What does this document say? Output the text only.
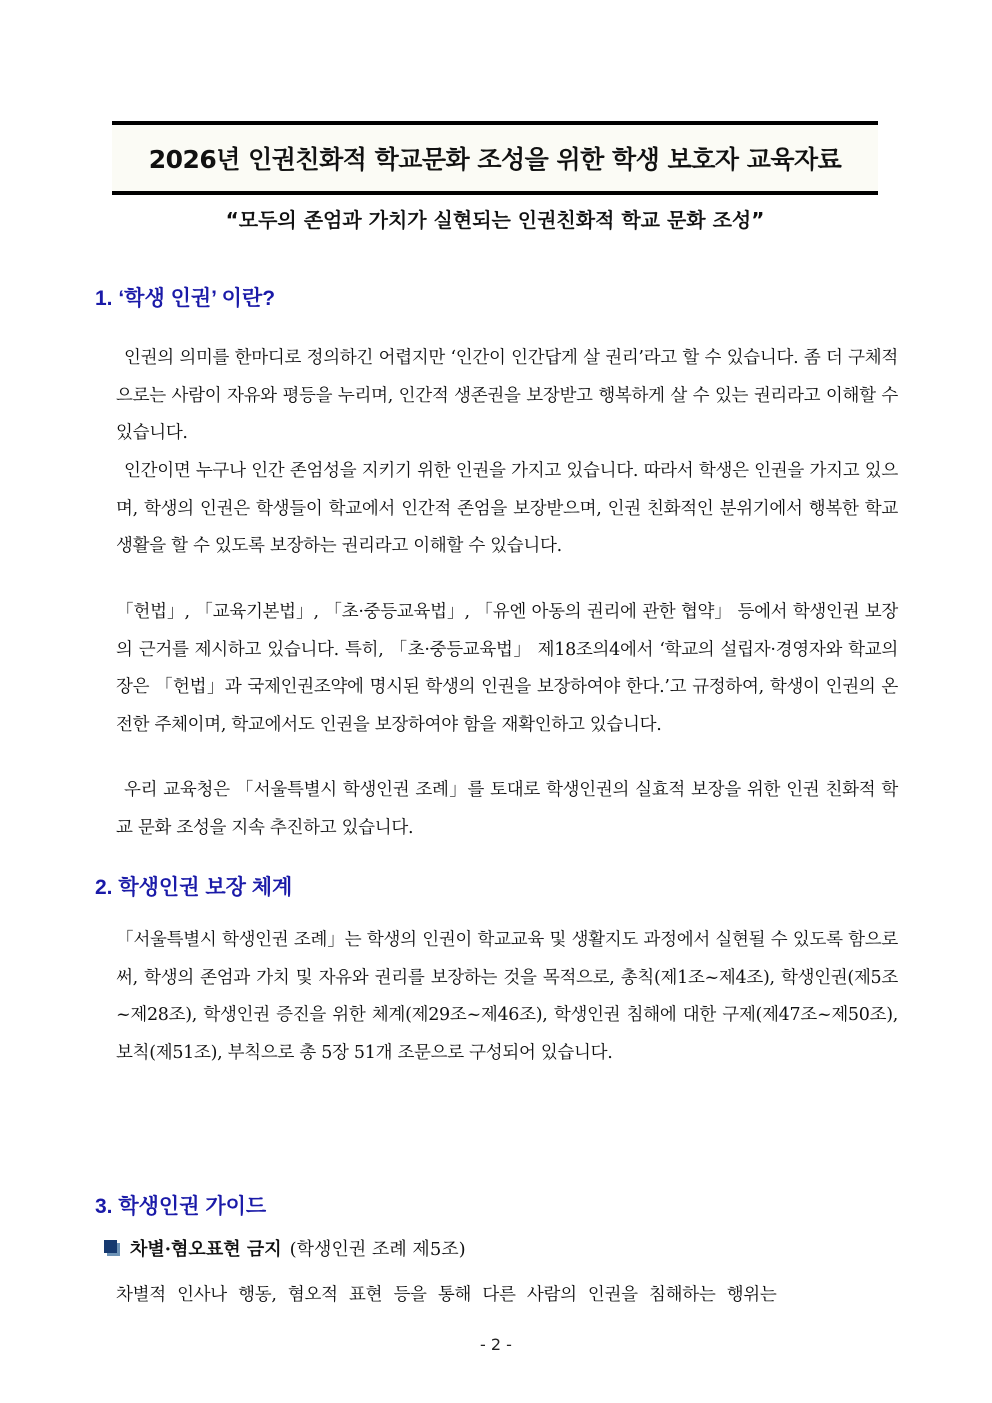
2026년 인권친화적 학교문화 조성을 위한 학생 보호자 교육자료
“모두의 존엄과 가치가 실현되는 인권친화적 학교 문화 조성”
1. ‘학생 인권’ 이란?

인권의 의미를 한마디로 정의하긴 어렵지만 ‘인간이 인간답게 살 권리’라고 할 수 있습니다. 좀 더 구체적으로는 사람이 자유와 평등을 누리며, 인간적 생존권을 보장받고 행복하게 살 수 있는 권리라고 이해할 수 있습니다.

인간이면 누구나 인간 존엄성을 지키기 위한 인권을 가지고 있습니다. 따라서 학생은 인권을 가지고 있으며, 학생의 인권은 학생들이 학교에서 인간적 존엄을 보장받으며, 인권 친화적인 분위기에서 행복한 학교생활을 할 수 있도록 보장하는 권리라고 이해할 수 있습니다.

「헌법」, 「교육기본법」, 「초·중등교육법」, 「유엔 아동의 권리에 관한 협약」 등에서 학생인권 보장의 근거를 제시하고 있습니다. 특히, 「초·중등교육법」 제18조의4에서 ‘학교의 설립자·경영자와 학교의 장은 「헌법」과 국제인권조약에 명시된 학생의 인권을 보장하여야 한다.’고 규정하여, 학생이 인권의 온전한 주체이며, 학교에서도 인권을 보장하여야 함을 재확인하고 있습니다.

우리 교육청은 「서울특별시 학생인권 조례」를 토대로 학생인권의 실효적 보장을 위한 인권 친화적 학교 문화 조성을 지속 추진하고 있습니다.

2. 학생인권 보장 체계

「서울특별시 학생인권 조례」는 학생의 인권이 학교교육 및 생활지도 과정에서 실현될 수 있도록 함으로써, 학생의 존엄과 가치 및 자유와 권리를 보장하는 것을 목적으로, 총칙(제1조~제4조), 학생인권(제5조~제28조), 학생인권 증진을 위한 체계(제29조~제46조), 학생인권 침해에 대한 구제(제47조~제50조), 보칙(제51조), 부칙으로 총 5장 51개 조문으로 구성되어 있습니다.

3. 학생인권 가이드
차별·혐오표현 금지 (학생인권 조례 제5조)

차별적 인사나 행동, 혐오적 표현 등을 통해 다른 사람의 인권을 침해하는 행위는

- 2 -
